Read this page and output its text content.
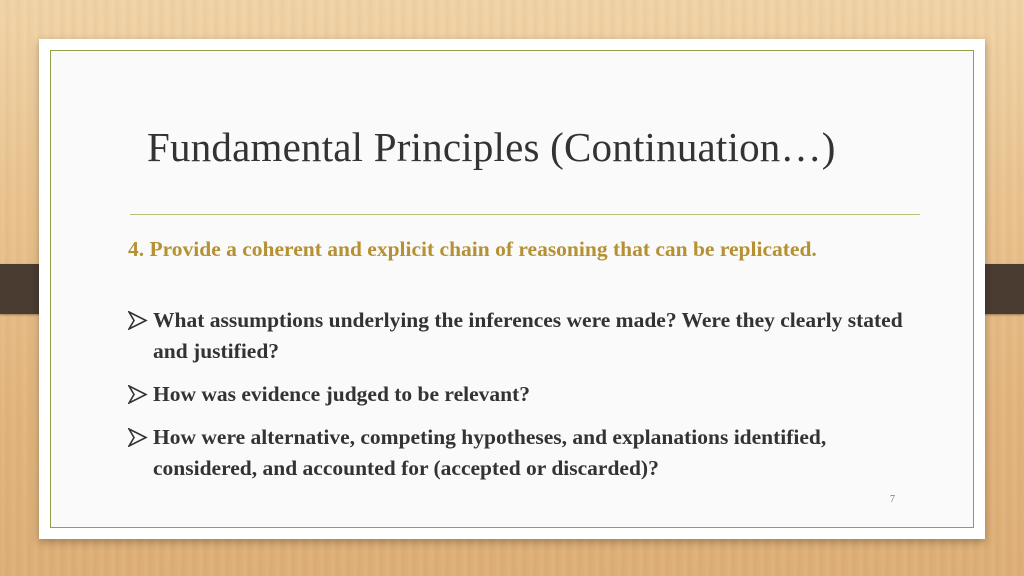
Fundamental Principles (Continuation…)

4. Provide a coherent and explicit chain of reasoning that can be replicated.

What assumptions underlying the inferences were made? Were they clearly stated and justified?
How was evidence judged to be relevant?
How were alternative, competing hypotheses, and explanations identified, considered, and accounted for (accepted or discarded)?
7
